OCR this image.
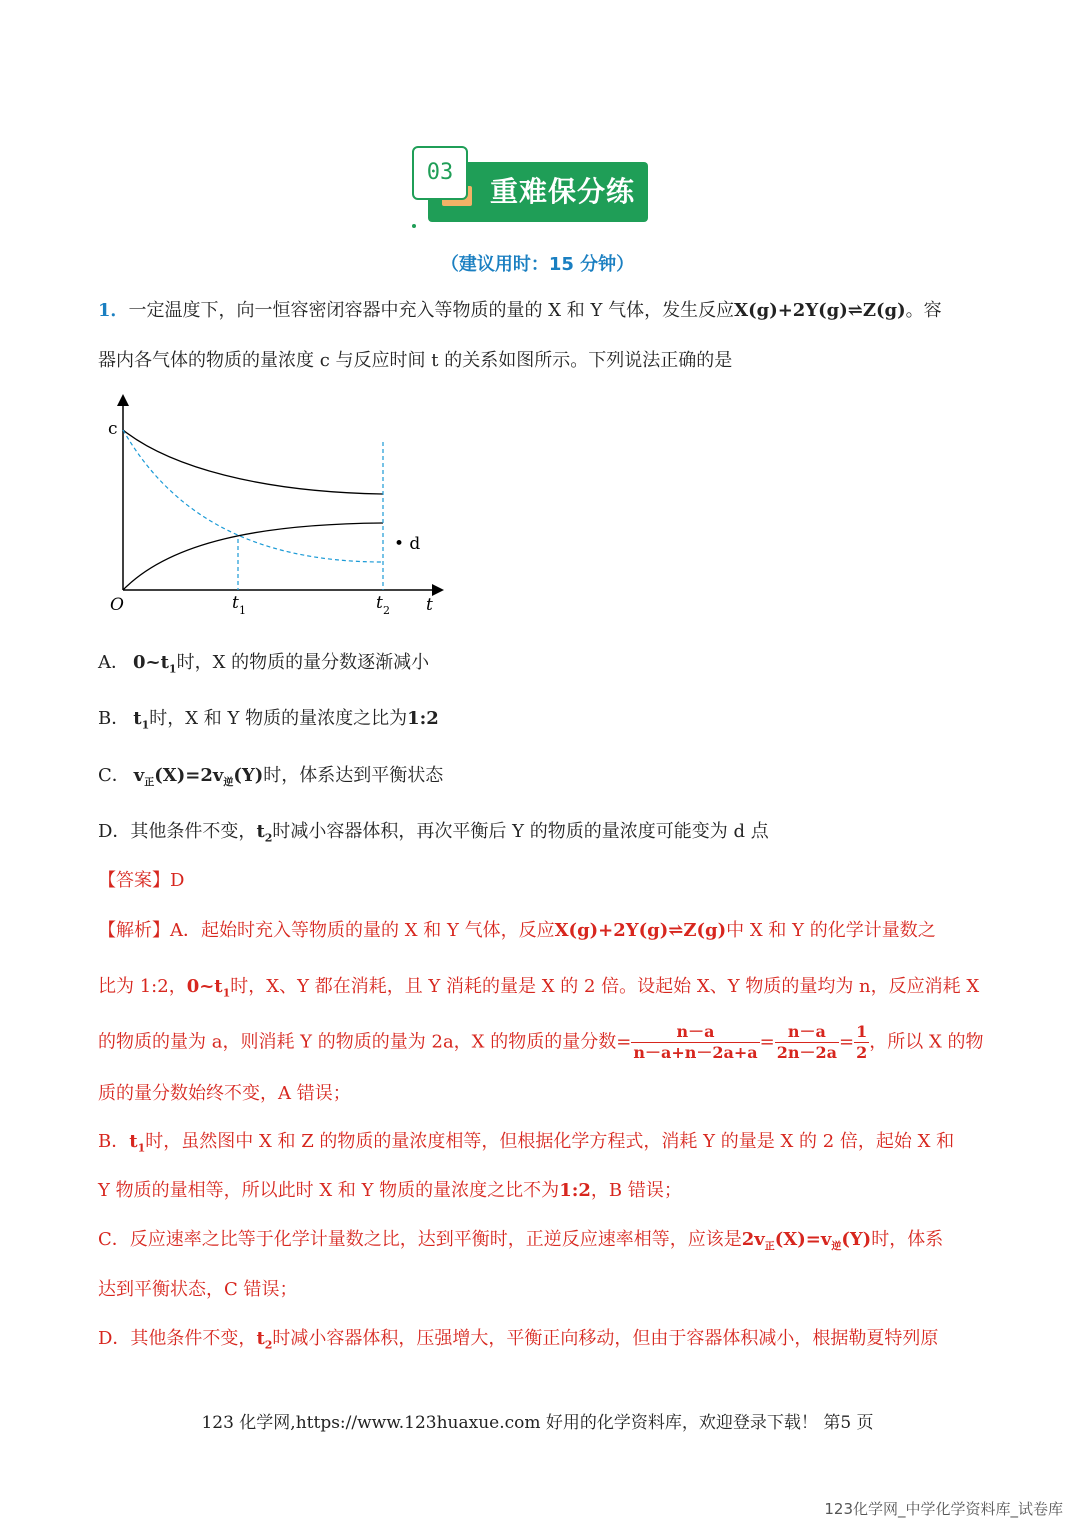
03
重难保分练
（建议用时：15 分钟）
1．一定温度下，向一恒容密闭容器中充入等物质的量的 X 和 Y 气体，发生反应X(g)+2Y(g)⇌Z(g)。容
器内各气体的物质的量浓度 c 与反应时间 t 的关系如图所示。下列说法正确的是
c
O	t
t 1	t 2
• d
A． $0\sim t_1$时，X 的物质的量分数逐渐减小
B． $t_1$时，X 和 Y 物质的量浓度之比为1:2
C． $v_正(X)=2v_逆(Y)$时，体系达到平衡状态
D．其他条件不变，$t_2$时减小容器体积，再次平衡后 Y 的物质的量浓度可能变为 d 点
【答案】D
【解析】A．起始时充入等物质的量的 X 和 Y 气体，反应X(g)+2Y(g)⇌Z(g)中 X 和 Y 的化学计量数之
比为 1:2，$0\sim t_1$时，X、Y 都在消耗，且 Y 消耗的量是 X 的 2 倍。设起始 X、Y 物质的量均为 n，反应消耗 X
的物质的量为 a，则消耗 Y 的物质的量为 2a，X 的物质的量分数= $\frac{n-a}{n-a+n-2a+a} = \frac{n-a}{2n-2a} = \frac{1}{2}$ ，所以 X 的物
质的量分数始终不变，A 错误；
B．$t_1$时，虽然图中 X 和 Z 的物质的量浓度相等，但根据化学方程式，消耗 Y 的量是 X 的 2 倍，起始 X 和
Y 物质的量相等，所以此时 X 和 Y 物质的量浓度之比不为1:2，B 错误；
C．反应速率之比等于化学计量数之比，达到平衡时，正逆反应速率相等，应该是$2v_正(X)=v_逆(Y)$时，体系
达到平衡状态，C 错误；
D．其他条件不变，$t_2$时减小容器体积，压强增大，平衡正向移动，但由于容器体积减小，根据勒夏特列原
123 化学网,https://www.123huaxue.com 好用的化学资料库，欢迎登录下载！ 第5 页
123化学网_中学化学资料库_试卷库
